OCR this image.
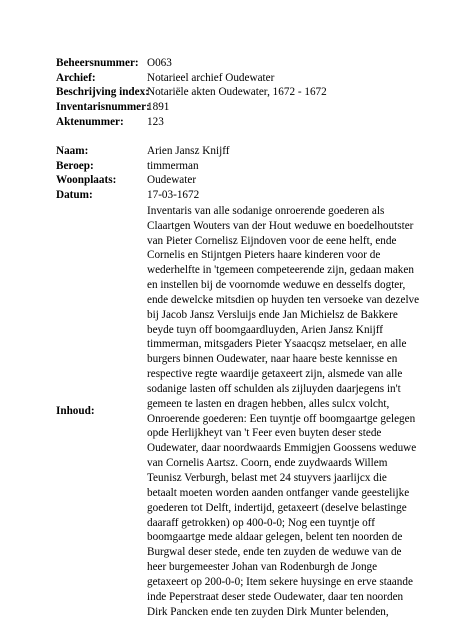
Beheersnummer: O063
Archief:	Notarieel archief Oudewater
Beschrijving index:
Notariële akten Oudewater, 1672 - 1672
Inventarisnummer:
1891
Aktenummer:	123
Naam:	Arien Jansz Knijff
Beroep:	timmerman
Woonplaats:	Oudewater
Datum:	17-03-1672
Inhoud:
Inventaris van alle sodanige onroerende goederen als
Claartgen Wouters van der Hout weduwe en boedelhoutster
van Pieter Cornelisz Eijndoven voor de eene helft, ende
Cornelis en Stijntgen Pieters haare kinderen voor de
wederhelfte in 'tgemeen competeerende zijn, gedaan maken
en instellen bij de voornomde weduwe en desselfs dogter,
ende dewelcke mitsdien op huyden ten versoeke van dezelve
bij Jacob Jansz Versluijs ende Jan Michielsz de Bakkere
beyde tuyn off boomgaardluyden, Arien Jansz Knijff
timmerman, mitsgaders Pieter Ysaacqsz metselaer, en alle
burgers binnen Oudewater, naar haare beste kennisse en
respective regte waardije getaxeert zijn, alsmede van alle
sodanige lasten off schulden als zijluyden daarjegens in't
gemeen te lasten en dragen hebben, alles sulcx volcht,
Onroerende goederen: Een tuyntje off boomgaartge gelegen
opde Herlijkheyt van 't Feer even buyten deser stede
Oudewater, daar noordwaards Emmigjen Goossens weduwe
van Cornelis Aartsz. Coorn, ende zuydwaards Willem
Teunisz Verburgh, belast met 24 stuyvers jaarlijcx die
betaalt moeten worden aanden ontfanger vande geestelijke
goederen tot Delft, indertijd, getaxeert (deselve belastinge
daaraff getrokken) op 400-0-0; Nog een tuyntje off
boomgaartge mede aldaar gelegen, belent ten noorden de
Burgwal deser stede, ende ten zuyden de weduwe van de
heer burgemeester Johan van Rodenburgh de Jonge
getaxeert op 200-0-0; Item sekere huysinge en erve staande
inde Peperstraat deser stede Oudewater, daar ten noorden
Dirk Pancken ende ten zuyden Dirk Munter belenden,
